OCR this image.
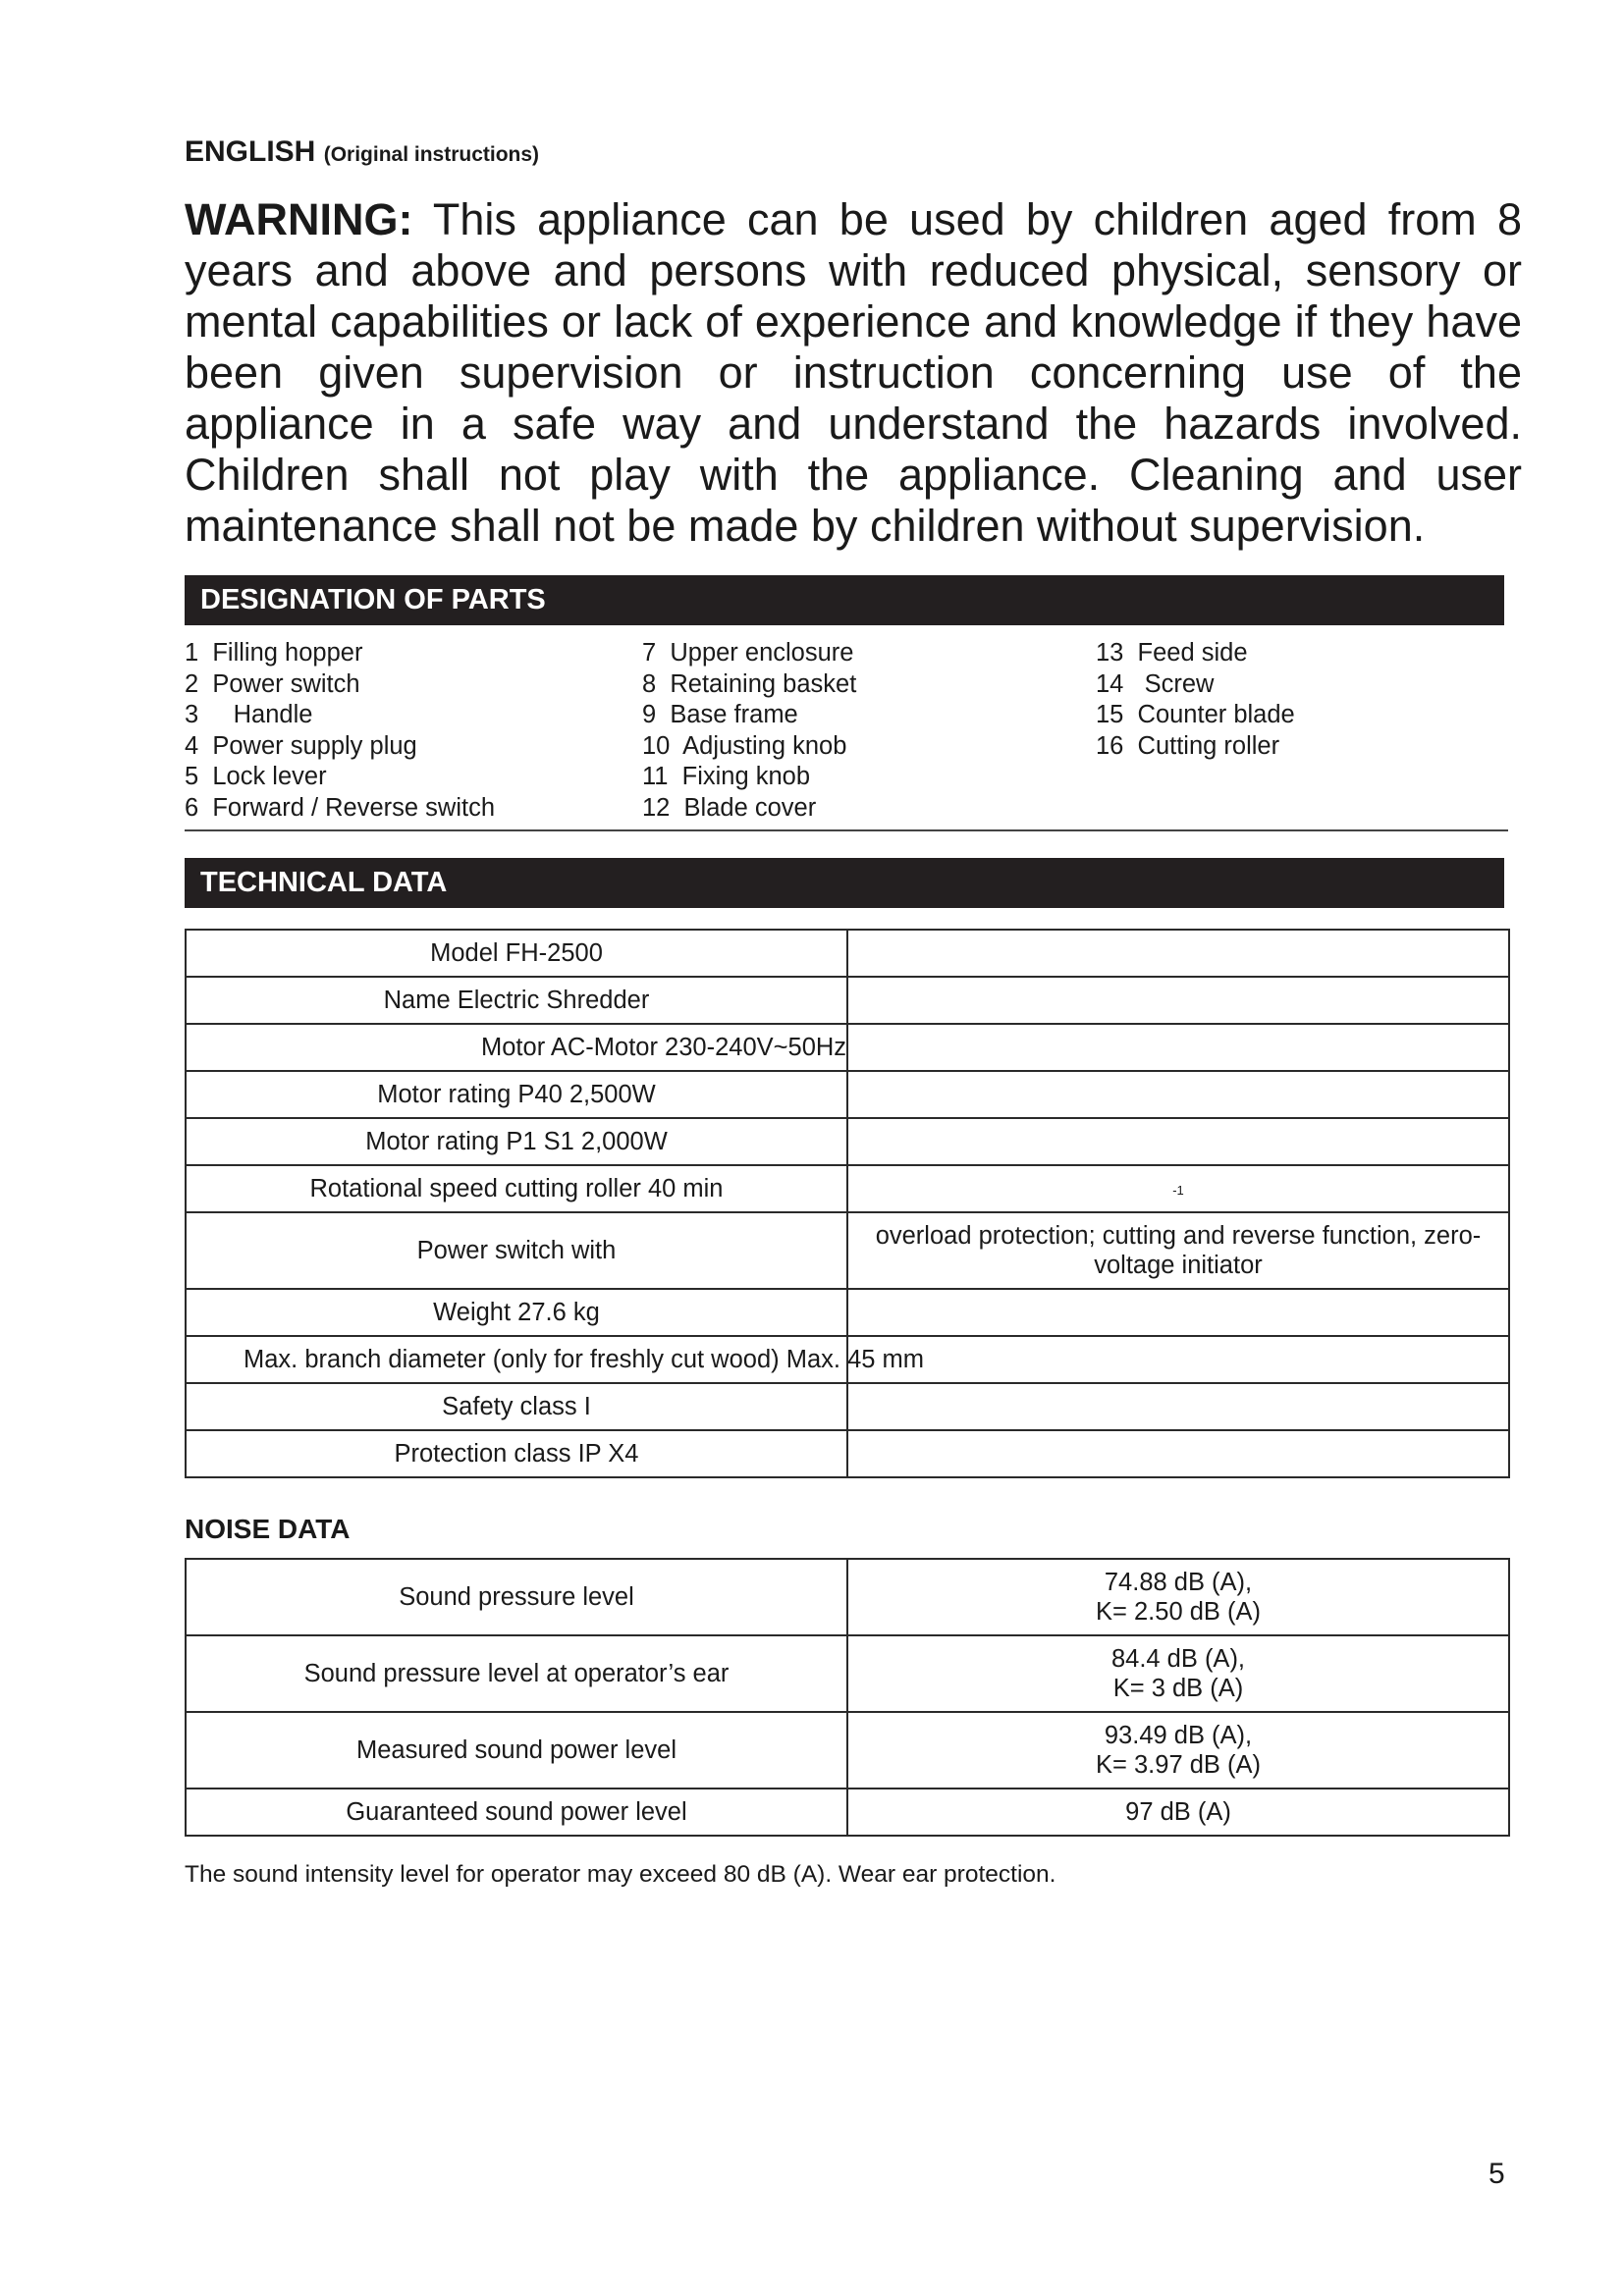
ENGLISH (Original instructions)
WARNING: This appliance can be used by children aged from 8 years and above and persons with reduced physical, sensory or mental capabilities or lack of experience and knowledge if they have been given supervision or instruction concerning use of the appliance in a safe way and understand the hazards involved. Children shall not play with the appliance. Cleaning and user maintenance shall not be made by children without supervision.
DESIGNATION OF PARTS
1  Filling hopper
2  Power switch
3     Handle
4  Power supply plug
5  Lock lever
6  Forward / Reverse switch
7  Upper enclosure
8  Retaining basket
9  Base frame
10  Adjusting knob
11  Fixing knob
12  Blade cover
13  Feed side
14   Screw
15  Counter blade
16  Cutting roller
TECHNICAL DATA
Model FH-2500	
Name Electric Shredder	
Motor AC-Motor 230-240V~50Hz	
Motor rating P40 2,500W	
Motor rating P1 S1 2,000W	
Rotational speed cutting roller 40 min	-1
Power switch with	overload protection; cutting and reverse function, zero-voltage initiator
Weight 27.6 kg	
Max. branch diameter (only for freshly cut wood) Max. 45 mm	
Safety class I	
Protection class IP X4	
NOISE DATA
Sound pressure level	74.88 dB (A),
K= 2.50 dB (A)

Sound pressure level at operator’s ear	84.4 dB (A),
K= 3 dB (A)

Measured sound power level	93.49 dB (A),
K= 3.97 dB (A)

Guaranteed sound power level	97 dB (A)
The sound intensity level for operator may exceed 80 dB (A). Wear ear protection.
5
